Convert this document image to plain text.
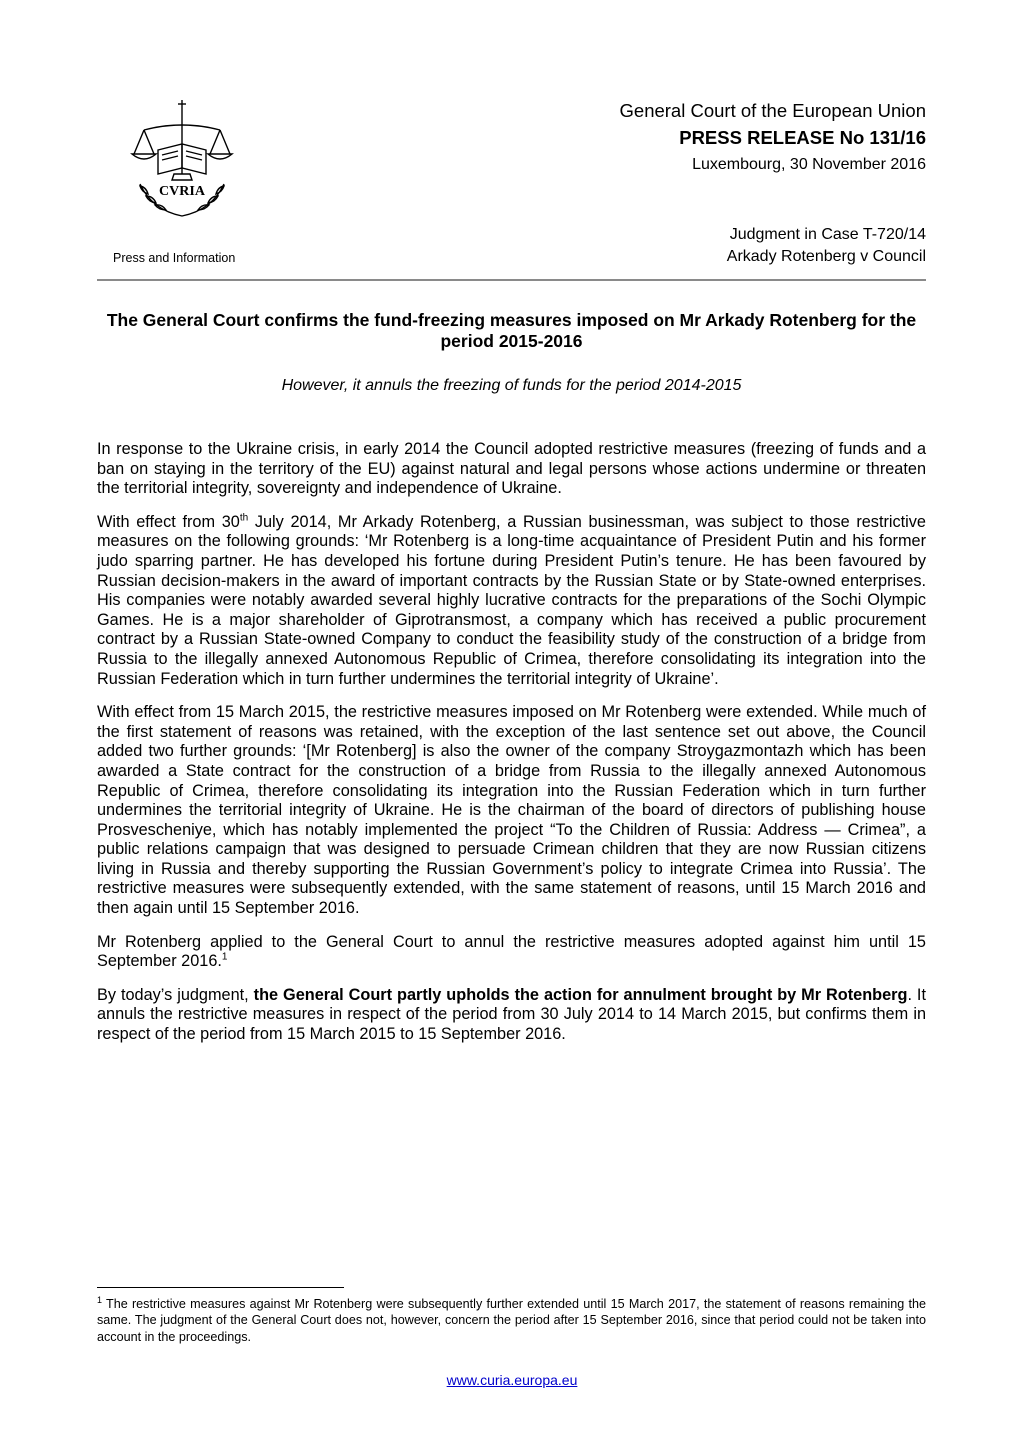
CVRIA
Press and Information
General Court of the European Union
PRESS RELEASE No 131/16
Luxembourg, 30 November 2016
Judgment in Case T-720/14
Arkady Rotenberg v Council
The General Court confirms the fund-freezing measures imposed on Mr Arkady Rotenberg for the period 2015-2016
However, it annuls the freezing of funds for the period 2014-2015

In response to the Ukraine crisis, in early 2014 the Council adopted restrictive measures (freezing of funds and a ban on staying in the territory of the EU) against natural and legal persons whose actions undermine or threaten the territorial integrity, sovereignty and independence of Ukraine.

With effect from 30th July 2014, Mr Arkady Rotenberg, a Russian businessman, was subject to those restrictive measures on the following grounds: ‘Mr Rotenberg is a long-time acquaintance of President Putin and his former judo sparring partner. He has developed his fortune during President Putin’s tenure. He has been favoured by Russian decision-makers in the award of important contracts by the Russian State or by State-owned enterprises. His companies were notably awarded several highly lucrative contracts for the preparations of the Sochi Olympic Games. He is a major shareholder of Giprotransmost, a company which has received a public procurement contract by a Russian State-owned Company to conduct the feasibility study of the construction of a bridge from Russia to the illegally annexed Autonomous Republic of Crimea, therefore consolidating its integration into the Russian Federation which in turn further undermines the territorial integrity of Ukraine’.

With effect from 15 March 2015, the restrictive measures imposed on Mr Rotenberg were extended. While much of the first statement of reasons was retained, with the exception of the last sentence set out above, the Council added two further grounds: ‘[Mr Rotenberg] is also the owner of the company Stroygazmontazh which has been awarded a State contract for the construction of a bridge from Russia to the illegally annexed Autonomous Republic of Crimea, therefore consolidating its integration into the Russian Federation which in turn further undermines the territorial integrity of Ukraine. He is the chairman of the board of directors of publishing house Prosvescheniye, which has notably implemented the project “To the Children of Russia: Address — Crimea”, a public relations campaign that was designed to persuade Crimean children that they are now Russian citizens living in Russia and thereby supporting the Russian Government’s policy to integrate Crimea into Russia’. The restrictive measures were subsequently extended, with the same statement of reasons, until 15 March 2016 and then again until 15 September 2016.

Mr Rotenberg applied to the General Court to annul the restrictive measures adopted against him until 15 September 2016.$^1$

By today’s judgment, the General Court partly upholds the action for annulment brought by Mr Rotenberg. It annuls the restrictive measures in respect of the period from 30 July 2014 to 14 March 2015, but confirms them in respect of the period from 15 March 2015 to 15 September 2016.

$^1$ The restrictive measures against Mr Rotenberg were subsequently further extended until 15 March 2017, the statement of reasons remaining the same. The judgment of the General Court does not, however, concern the period after 15 September 2016, since that period could not be taken into account in the proceedings.
www.curia.europa.eu
